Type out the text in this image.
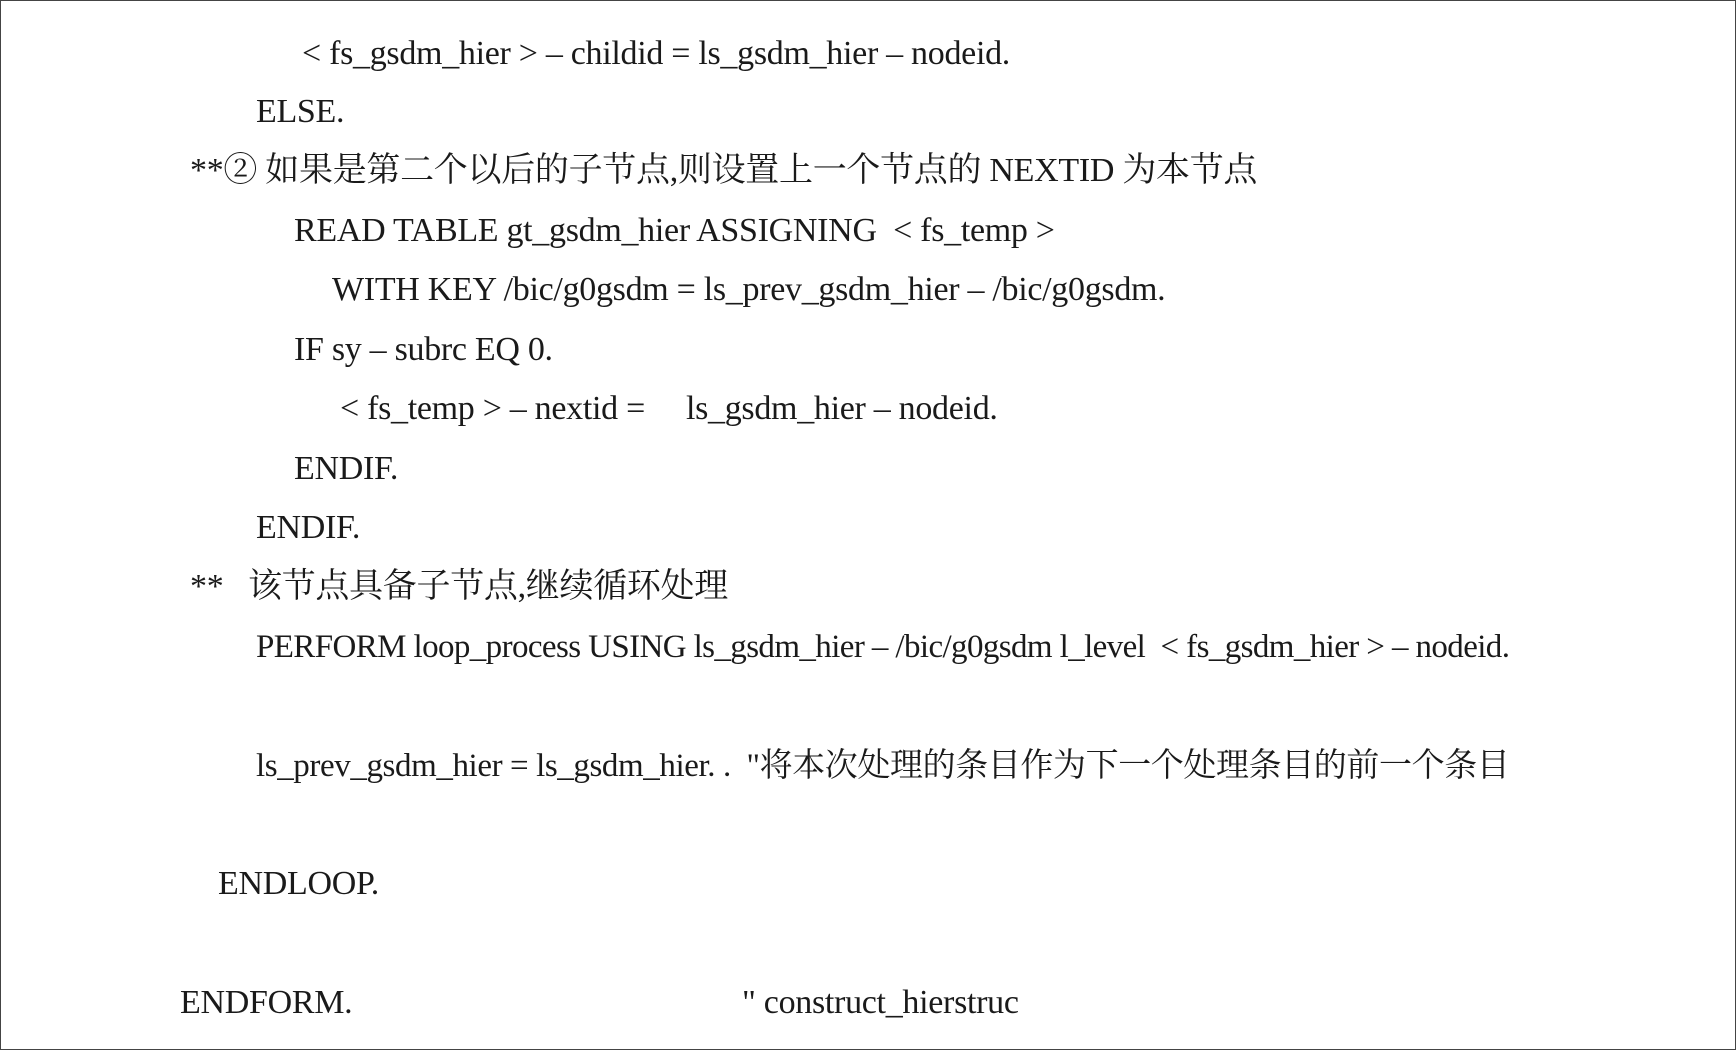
< fs_gsdm_hier > – childid = ls_gsdm_hier – nodeid.
ELSE.
**② 如果是第二个以后的子节点,则设置上一个节点的 NEXTID 为本节点
READ TABLE gt_gsdm_hier ASSIGNING  < fs_temp >
WITH KEY /bic/g0gsdm = ls_prev_gsdm_hier – /bic/g0gsdm.
IF sy – subrc EQ 0.
< fs_temp > – nextid =     ls_gsdm_hier – nodeid.
ENDIF.
ENDIF.
**   该节点具备子节点,继续循环处理
PERFORM loop_process USING ls_gsdm_hier – /bic/g0gsdm l_level  < fs_gsdm_hier > – nodeid.
ls_prev_gsdm_hier = ls_gsdm_hier. .  "将本次处理的条目作为下一个处理条目的前一个条目
ENDLOOP.
ENDFORM.	" construct_hierstruc
